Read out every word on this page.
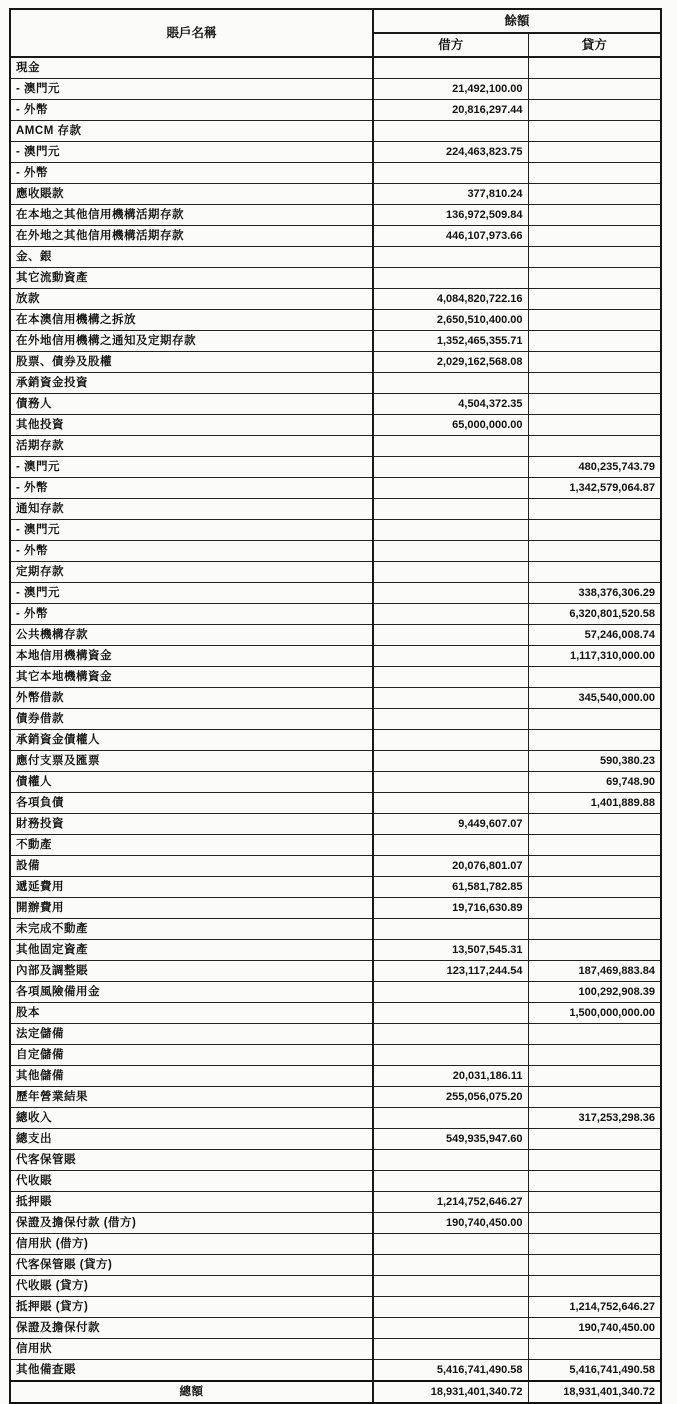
賬戶名稱	餘額	
	借方	貸方
現金		
- 澳門元	21,492,100.00	
- 外幣	20,816,297.44	
AMCM 存款		
- 澳門元	224,463,823.75	
- 外幣		
應收賬款	377,810.24	
在本地之其他信用機構活期存款	136,972,509.84	
在外地之其他信用機構活期存款	446,107,973.66	
金、銀		
其它流動資產		
放款	4,084,820,722.16	
在本澳信用機構之拆放	2,650,510,400.00	
在外地信用機構之通知及定期存款	1,352,465,355.71	
股票、債券及股權	2,029,162,568.08	
承銷資金投資		
債務人	4,504,372.35	
其他投資	65,000,000.00	
活期存款		
- 澳門元		480,235,743.79
- 外幣		1,342,579,064.87
通知存款		
- 澳門元		
- 外幣		
定期存款		
- 澳門元		338,376,306.29
- 外幣		6,320,801,520.58
公共機構存款		57,246,008.74
本地信用機構資金		1,117,310,000.00
其它本地機構資金		
外幣借款		345,540,000.00
債券借款		
承銷資金債權人		
應付支票及匯票		590,380.23
債權人		69,748.90
各項負債		1,401,889.88
財務投資	9,449,607.07	
不動產		
設備	20,076,801.07	
遞延費用	61,581,782.85	
開辦費用	19,716,630.89	
未完成不動產		
其他固定資產	13,507,545.31	
內部及調整賬	123,117,244.54	187,469,883.84
各項風險備用金		100,292,908.39
股本		1,500,000,000.00
法定儲備		
自定儲備		
其他儲備	20,031,186.11	
歷年營業結果	255,056,075.20	
總收入		317,253,298.36
總支出	549,935,947.60	
代客保管賬		
代收賬		
抵押賬	1,214,752,646.27	
保證及擔保付款 (借方)	190,740,450.00	
信用狀 (借方)		
代客保管賬 (貸方)		
代收賬 (貸方)		
抵押賬 (貸方)		1,214,752,646.27
保證及擔保付款		190,740,450.00
信用狀		
其他備查賬	5,416,741,490.58	5,416,741,490.58
總額	18,931,401,340.72	18,931,401,340.72
